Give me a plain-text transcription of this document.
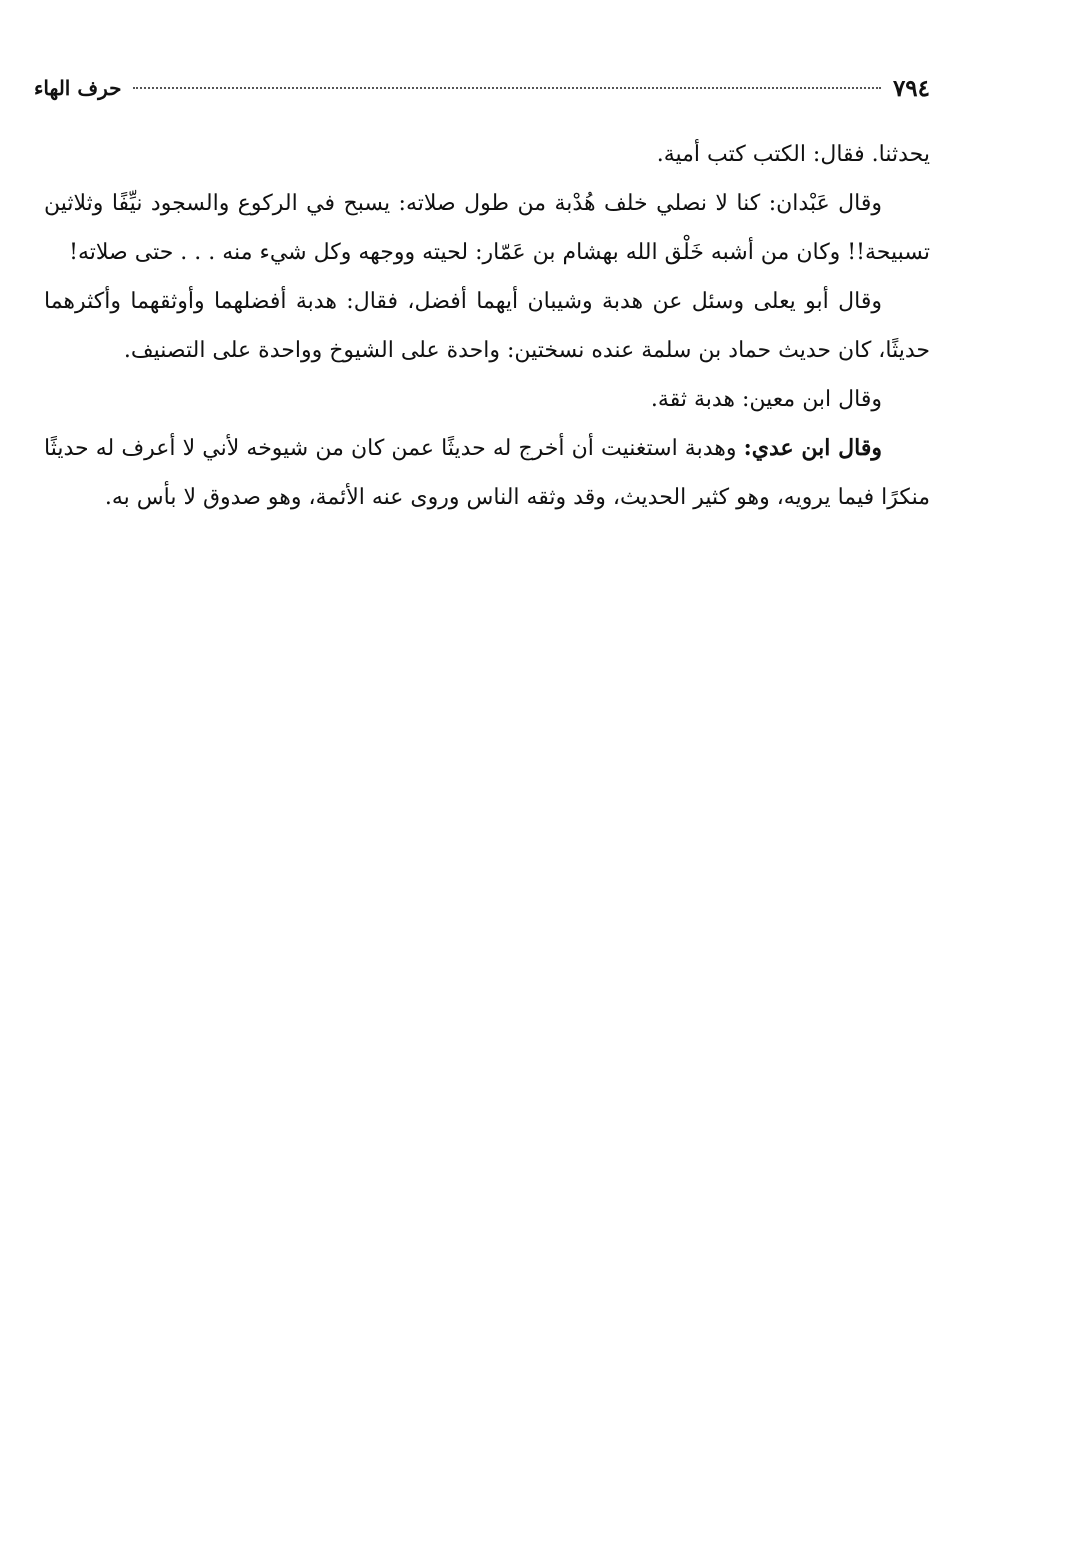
حرف الهاء	٧٩٤

يحدثنا. فقال: الكتب كتب أمية.

وقال عَبْدان: كنا لا نصلي خلف هُدْبة من طول صلاته: يسبح في الركوع والسجود نيِّفًا وثلاثين تسبيحة!! وكان من أشبه خَلْق الله بهشام بن عَمّار: لحيته ووجهه وكل شيء منه . . . حتى صلاته!

وقال أبو يعلى وسئل عن هدبة وشيبان أيهما أفضل، فقال: هدبة أفضلهما وأوثقهما وأكثرهما حديثًا، كان حديث حماد بن سلمة عنده نسختين: واحدة على الشيوخ وواحدة على التصنيف.

وقال ابن معين: هدبة ثقة.

وقال ابن عدي: وهدبة استغنيت أن أخرج له حديثًا عمن كان من شيوخه لأني لا أعرف له حديثًا منكرًا فيما يرويه، وهو كثير الحديث، وقد وثقه الناس وروى عنه الأئمة، وهو صدوق لا بأس به.
